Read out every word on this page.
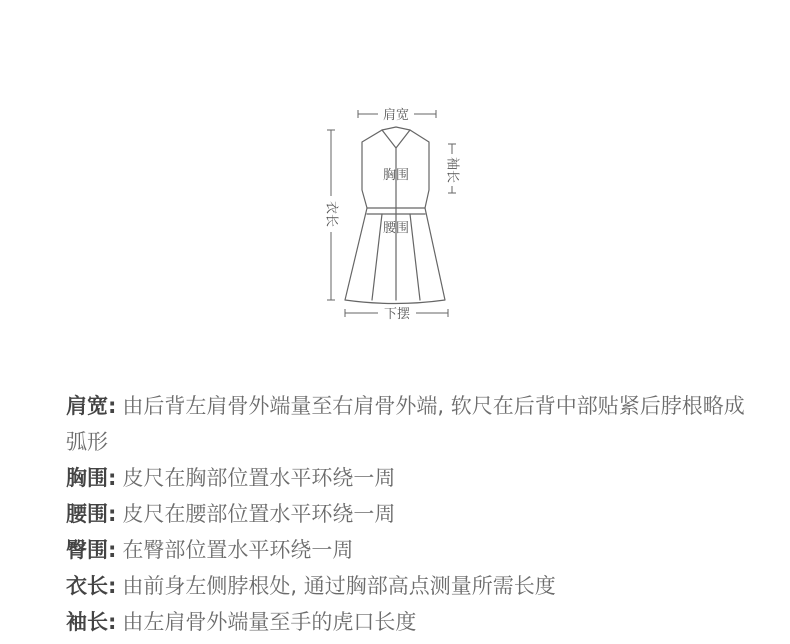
肩宽
胸围
腰围
下摆
袖长
衣长

肩宽: 由后背左肩骨外端量至右肩骨外端, 软尺在后背中部贴紧后脖根略成弧形

胸围: 皮尺在胸部位置水平环绕一周

腰围: 皮尺在腰部位置水平环绕一周

臀围: 在臀部位置水平环绕一周

衣长: 由前身左侧脖根处, 通过胸部高点测量所需长度

袖长: 由左肩骨外端量至手的虎口长度
